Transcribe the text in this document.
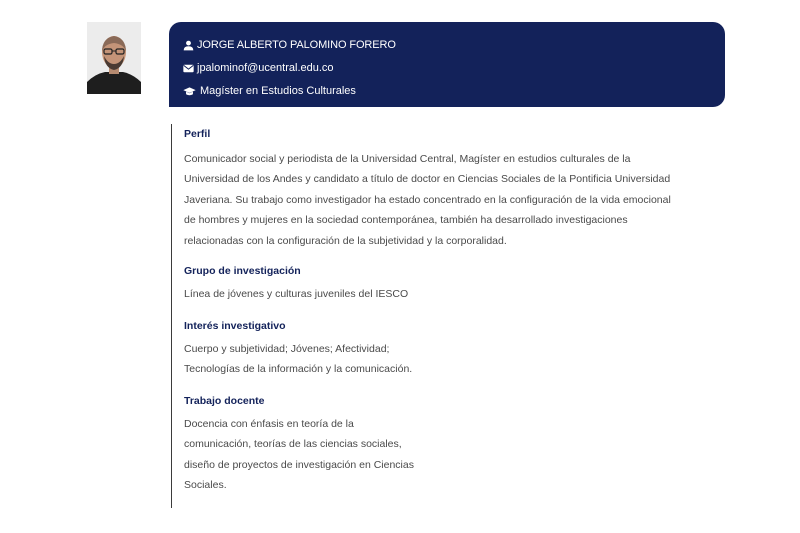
JORGE ALBERTO PALOMINO FORERO
jpalominof@ucentral.edu.co
Magíster en Estudios Culturales

Perfil

Comunicador social y periodista de la Universidad Central, Magíster en estudios culturales de la
Universidad de los Andes y candidato a título de doctor en Ciencias Sociales de la Pontificia Universidad
Javeriana. Su trabajo como investigador ha estado concentrado en la configuración de la vida emocional
de hombres y mujeres en la sociedad contemporánea, también ha desarrollado investigaciones
relacionadas con la configuración de la subjetividad y la corporalidad.

Grupo de investigación

Línea de jóvenes y culturas juveniles del IESCO

Interés investigativo

Cuerpo y subjetividad; Jóvenes; Afectividad;
Tecnologías de la información y la comunicación.

Trabajo docente

Docencia con énfasis en teoría de la
comunicación, teorías de las ciencias sociales,
diseño de proyectos de investigación en Ciencias
Sociales.
